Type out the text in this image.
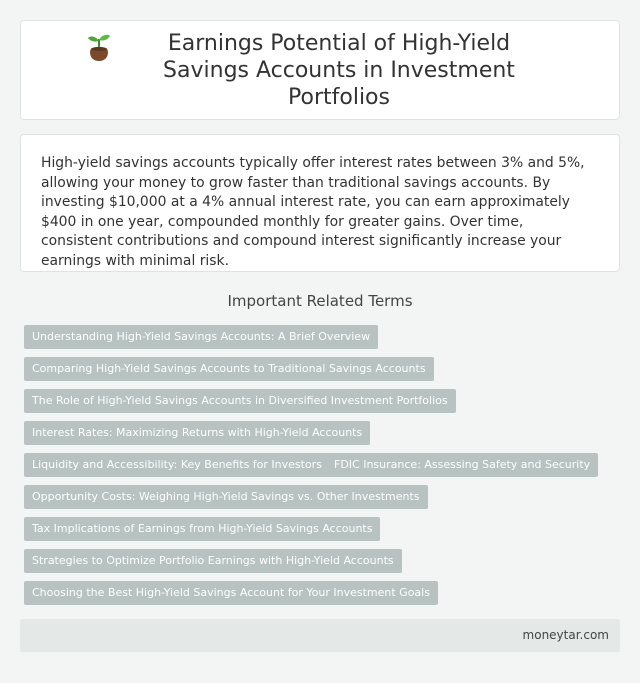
Earnings Potential of High-Yield Savings Accounts in Investment Portfolios

High-yield savings accounts typically offer interest rates between 3% and 5%, allowing your money to grow faster than traditional savings accounts. By investing $10,000 at a 4% annual interest rate, you can earn approximately $400 in one year, compounded monthly for greater gains. Over time, consistent contributions and compound interest significantly increase your earnings with minimal risk.

Important Related Terms
Understanding High-Yield Savings Accounts: A Brief Overview
Comparing High-Yield Savings Accounts to Traditional Savings Accounts
The Role of High-Yield Savings Accounts in Diversified Investment Portfolios
Interest Rates: Maximizing Returns with High-Yield Accounts
Liquidity and Accessibility: Key Benefits for Investors	FDIC Insurance: Assessing Safety and Security
Opportunity Costs: Weighing High-Yield Savings vs. Other Investments
Tax Implications of Earnings from High-Yield Savings Accounts
Strategies to Optimize Portfolio Earnings with High-Yield Accounts
Choosing the Best High-Yield Savings Account for Your Investment Goals
moneytar.com
